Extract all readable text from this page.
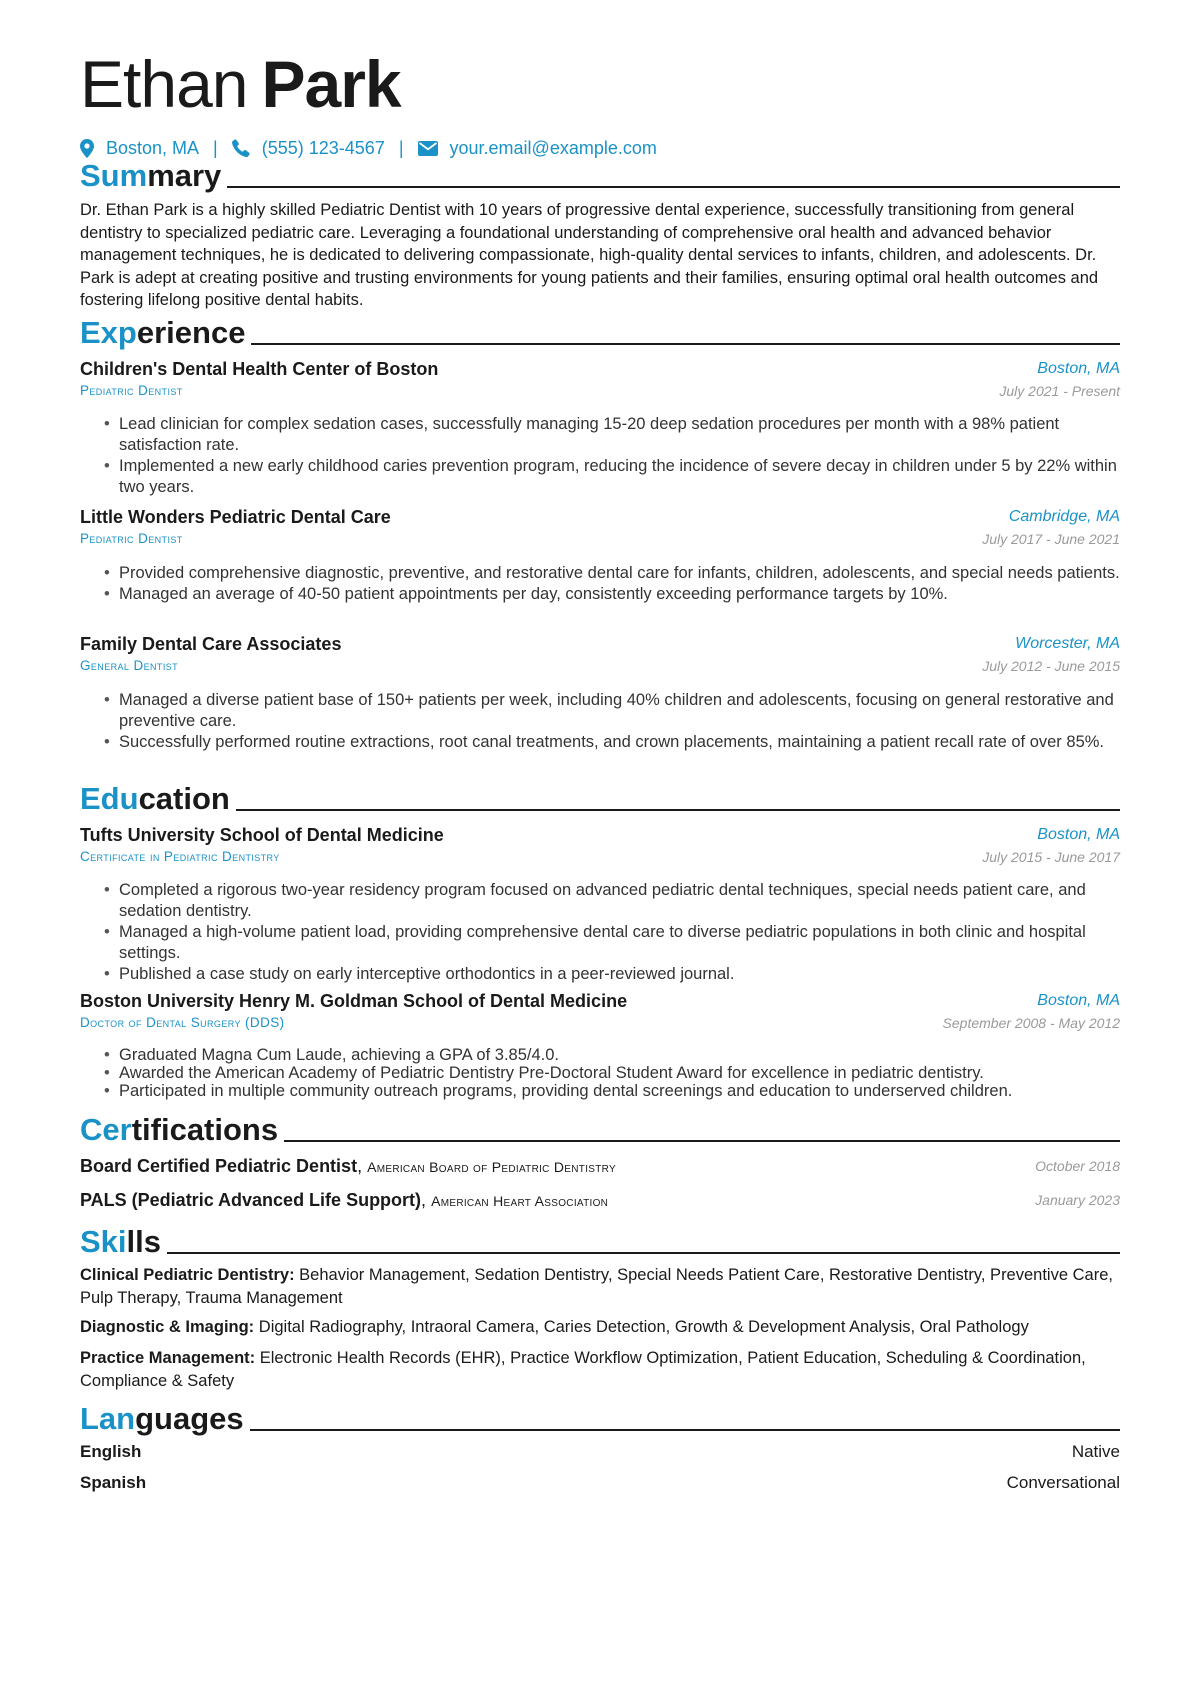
Ethan Park
Boston, MA | (555) 123-4567 |	your.email@example.com
Summary
Dr. Ethan Park is a highly skilled Pediatric Dentist with 10 years of progressive dental experience, successfully transitioning from general dentistry to specialized pediatric care. Leveraging a foundational understanding of comprehensive oral health and advanced behavior management techniques, he is dedicated to delivering compassionate, high-quality dental services to infants, children, and adolescents. Dr. Park is adept at creating positive and trusting environments for young patients and their families, ensuring optimal oral health outcomes and fostering lifelong positive dental habits.
Experience
Children's Dental Health Center of Boston	Boston, MA
Pediatric Dentist	July 2021 - Present
• Lead clinician for complex sedation cases, successfully managing 15-20 deep sedation procedures per month with a 98% patient satisfaction rate.
• Implemented a new early childhood caries prevention program, reducing the incidence of severe decay in children under 5 by 22% within two years.
Little Wonders Pediatric Dental Care	Cambridge, MA
Pediatric Dentist	July 2017 - June 2021
• Provided comprehensive diagnostic, preventive, and restorative dental care for infants, children, adolescents, and special needs patients.
• Managed an average of 40-50 patient appointments per day, consistently exceeding performance targets by 10%.
Family Dental Care Associates	Worcester, MA
General Dentist	July 2012 - June 2015
• Managed a diverse patient base of 150+ patients per week, including 40% children and adolescents, focusing on general restorative and preventive care.
• Successfully performed routine extractions, root canal treatments, and crown placements, maintaining a patient recall rate of over 85%.
Education
Tufts University School of Dental Medicine	Boston, MA
Certificate in Pediatric Dentistry	July 2015 - June 2017
• Completed a rigorous two-year residency program focused on advanced pediatric dental techniques, special needs patient care, and sedation dentistry.
• Managed a high-volume patient load, providing comprehensive dental care to diverse pediatric populations in both clinic and hospital settings.
• Published a case study on early interceptive orthodontics in a peer-reviewed journal.
Boston University Henry M. Goldman School of Dental Medicine	Boston, MA
Doctor of Dental Surgery (DDS)	September 2008 - May 2012
• Graduated Magna Cum Laude, achieving a GPA of 3.85/4.0.
• Awarded the American Academy of Pediatric Dentistry Pre-Doctoral Student Award for excellence in pediatric dentistry.
• Participated in multiple community outreach programs, providing dental screenings and education to underserved children.
Certifications
Board Certified Pediatric Dentist, American Board of Pediatric Dentistry	October 2018
PALS (Pediatric Advanced Life Support), American Heart Association	January 2023
Skills
Clinical Pediatric Dentistry: Behavior Management, Sedation Dentistry, Special Needs Patient Care, Restorative Dentistry, Preventive Care, Pulp Therapy, Trauma Management
Diagnostic & Imaging: Digital Radiography, Intraoral Camera, Caries Detection, Growth & Development Analysis, Oral Pathology
Practice Management: Electronic Health Records (EHR), Practice Workflow Optimization, Patient Education, Scheduling & Coordination, Compliance & Safety
Languages
English	Native
Spanish	Conversational
